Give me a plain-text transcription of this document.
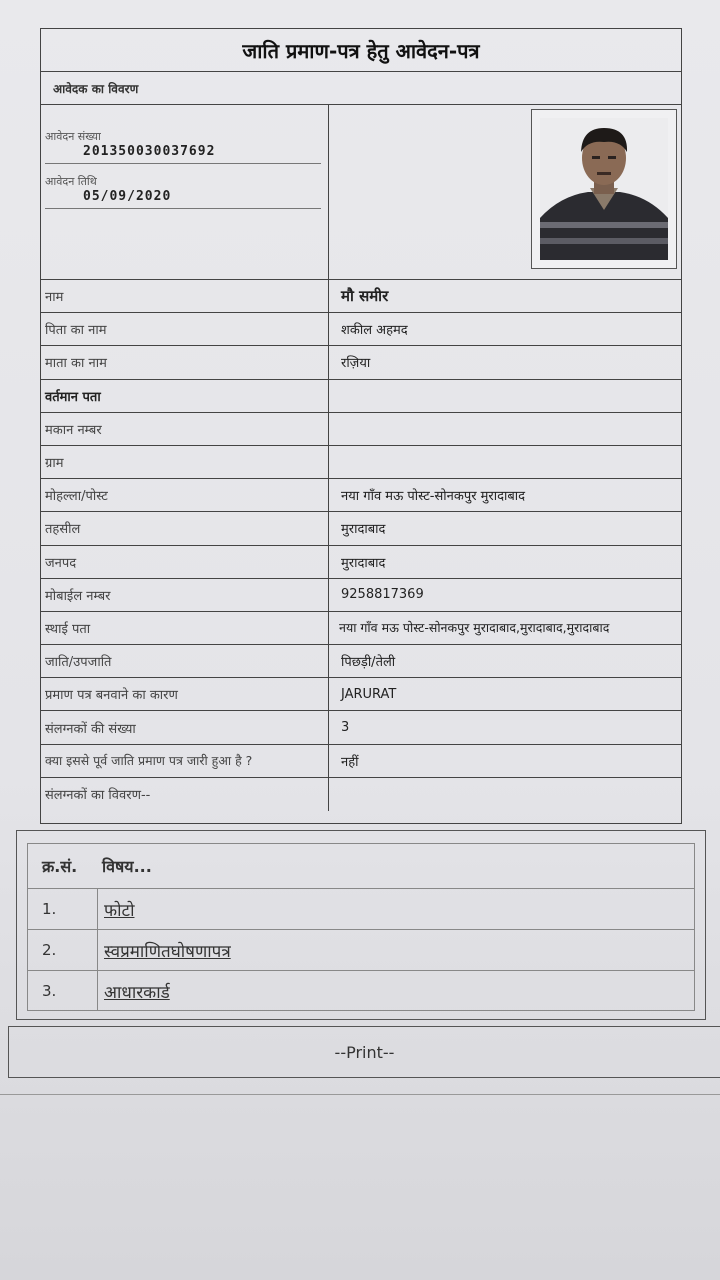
जाति प्रमाण-पत्र हेतु आवेदन-पत्र
आवेदक का विवरण
आवेदन संख्या
201350030037692
आवेदन तिथि
05/09/2020
नाम	मौ समीर
पिता का नाम	शकील अहमद
माता का नाम	रज़िया
वर्तमान पता
मकान नम्बर
ग्राम
मोहल्ला/पोस्ट	नया गाँव मऊ पोस्ट-सोनकपुर मुरादाबाद
तहसील	मुरादाबाद
जनपद	मुरादाबाद
मोबाईल नम्बर	9258817369
स्थाई पता	नया गाँव मऊ पोस्ट-सोनकपुर मुरादाबाद,मुरादाबाद,मुरादाबाद
जाति/उपजाति	पिछड़ी/तेली
प्रमाण पत्र बनवाने का कारण	JARURAT
संलग्नकों की संख्या	3
क्या इससे पूर्व जाति प्रमाण पत्र जारी हुआ है ?	नहीं
संलग्नकों का विवरण--
क्र.सं.	विषय...
1.	फोटो
2.	स्वप्रमाणितघोषणापत्र
3.	आधारकार्ड
--Print--
